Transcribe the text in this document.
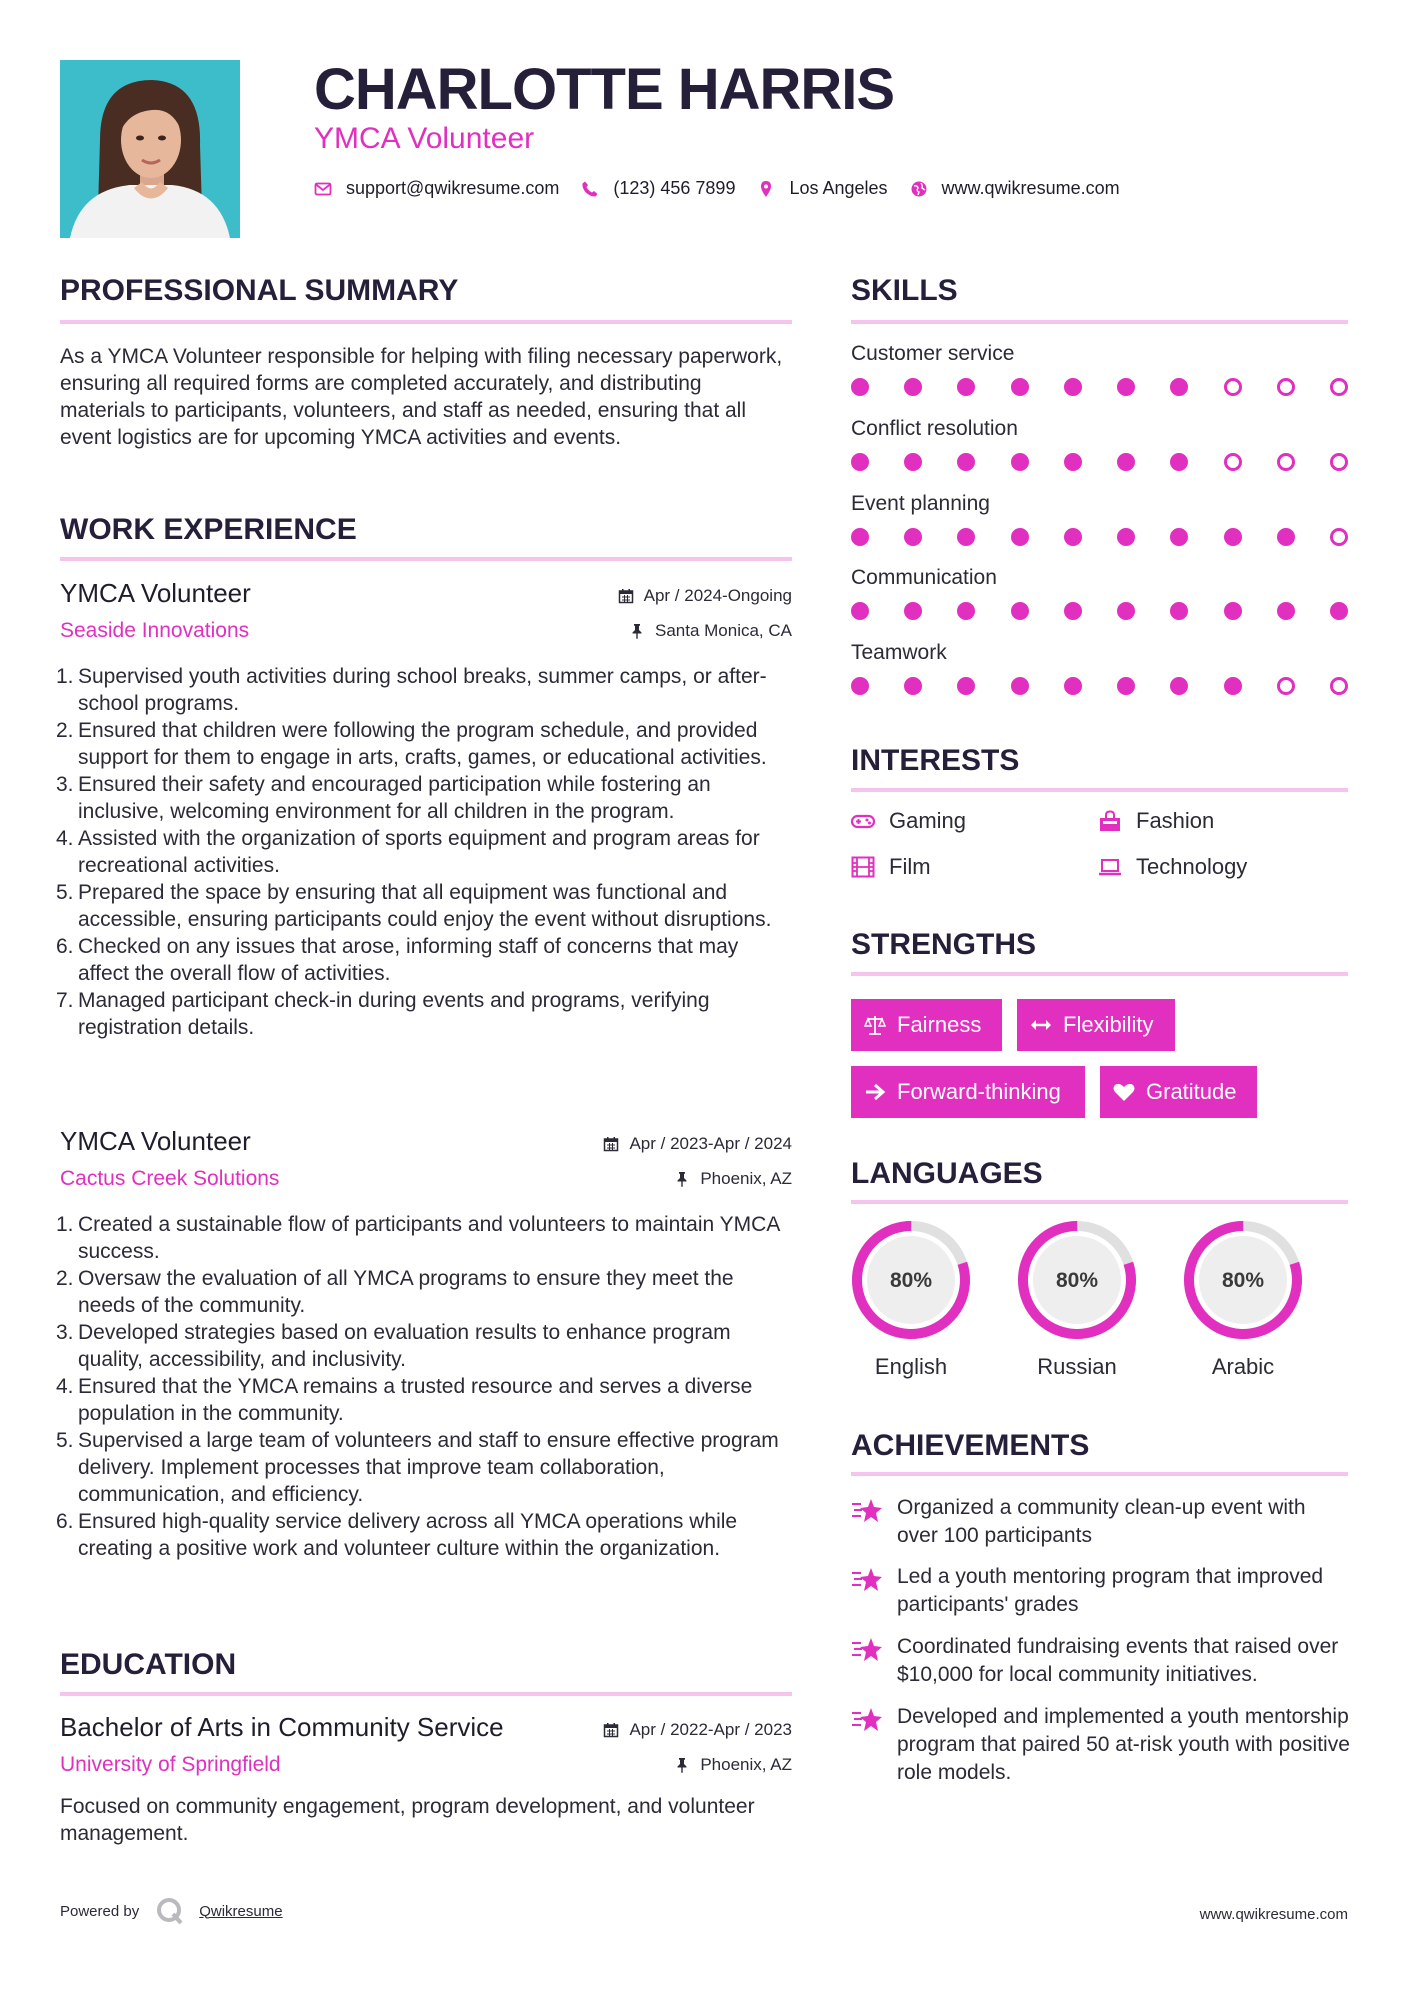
CHARLOTTE HARRIS
YMCA Volunteer
support@qwikresume.com	(123) 456 7899	Los Angeles	www.qwikresume.com
PROFESSIONAL SUMMARY
As a YMCA Volunteer responsible for helping with filing necessary paperwork, ensuring all required forms are completed accurately, and distributing materials to participants, volunteers, and staff as needed, ensuring that all event logistics are for upcoming YMCA activities and events.
WORK EXPERIENCE
YMCA Volunteer	Apr / 2024-Ongoing
Seaside Innovations	Santa Monica, CA
1. Supervised youth activities during school breaks, summer camps, or after-school programs.
2. Ensured that children were following the program schedule, and provided support for them to engage in arts, crafts, games, or educational activities.
3. Ensured their safety and encouraged participation while fostering an inclusive, welcoming environment for all children in the program.
4. Assisted with the organization of sports equipment and program areas for recreational activities.
5. Prepared the space by ensuring that all equipment was functional and accessible, ensuring participants could enjoy the event without disruptions.
6. Checked on any issues that arose, informing staff of concerns that may affect the overall flow of activities.
7. Managed participant check-in during events and programs, verifying registration details.
YMCA Volunteer	Apr / 2023-Apr / 2024
Cactus Creek Solutions	Phoenix, AZ
1. Created a sustainable flow of participants and volunteers to maintain YMCA success.
2. Oversaw the evaluation of all YMCA programs to ensure they meet the needs of the community.
3. Developed strategies based on evaluation results to enhance program quality, accessibility, and inclusivity.
4. Ensured that the YMCA remains a trusted resource and serves a diverse population in the community.
5. Supervised a large team of volunteers and staff to ensure effective program delivery. Implement processes that improve team collaboration, communication, and efficiency.
6. Ensured high-quality service delivery across all YMCA operations while creating a positive work and volunteer culture within the organization.
EDUCATION
Bachelor of Arts in Community Service	Apr / 2022-Apr / 2023
University of Springfield	Phoenix, AZ
Focused on community engagement, program development, and volunteer management.
SKILLS
Customer service
Conflict resolution
Event planning
Communication
Teamwork
INTERESTS
Gaming	Fashion
Film	Technology
STRENGTHS
Fairness	Flexibility
Forward-thinking	Gratitude
LANGUAGES
80%
English
80%
Russian
80%
Arabic
ACHIEVEMENTS
Organized a community clean-up event with over 100 participants
Led a youth mentoring program that improved participants' grades
Coordinated fundraising events that raised over $10,000 for local community initiatives.
Developed and implemented a youth mentorship program that paired 50 at-risk youth with positive role models.
Powered by	Qwikresume	www.qwikresume.com
